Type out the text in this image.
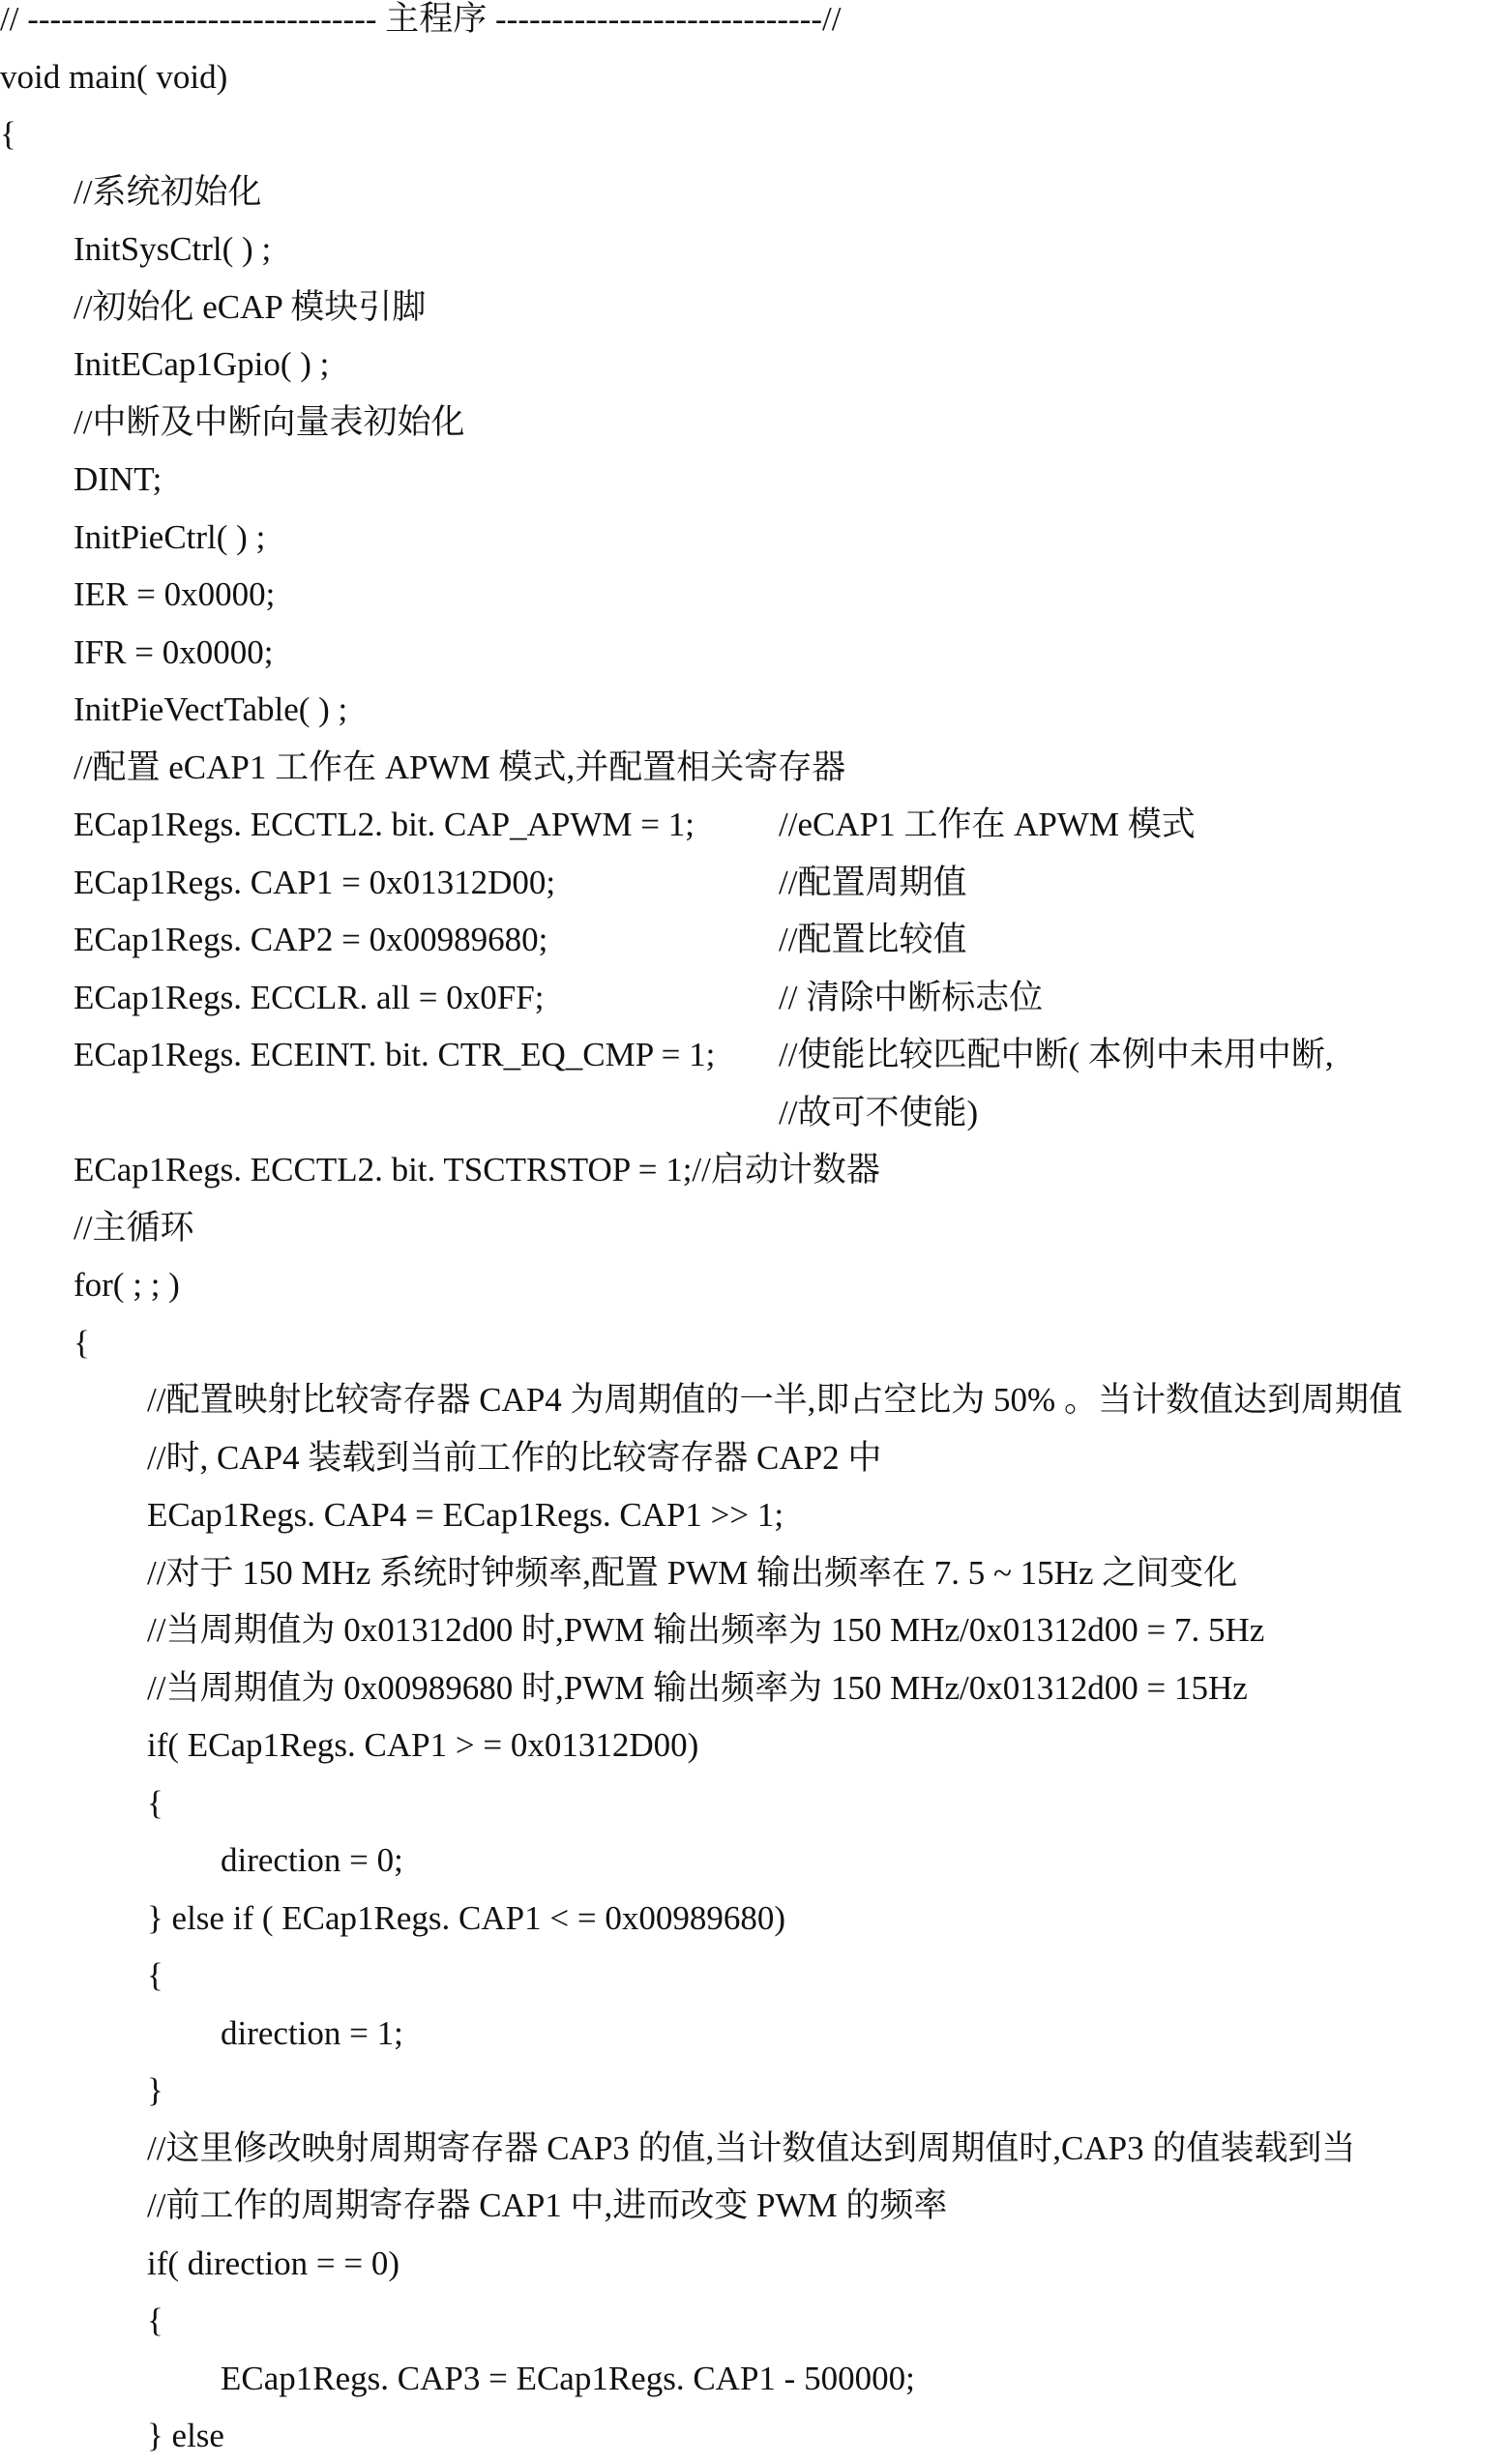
// ------------------------------- 主程序 -----------------------------//
void main( void)
{
//系统初始化
InitSysCtrl( ) ;
//初始化 eCAP 模块引脚
InitECap1Gpio( ) ;
//中断及中断向量表初始化
DINT;
InitPieCtrl( ) ;
IER = 0x0000;
IFR = 0x0000;
InitPieVectTable( ) ;
//配置 eCAP1 工作在 APWM 模式,并配置相关寄存器
ECap1Regs. ECCTL2. bit. CAP_APWM = 1; //eCAP1 工作在 APWM 模式
ECap1Regs. CAP1 = 0x01312D00;	//配置周期值
ECap1Regs. CAP2 = 0x00989680;	//配置比较值
ECap1Regs. ECCLR. all = 0x0FF;	// 清除中断标志位
ECap1Regs. ECEINT. bit. CTR_EQ_CMP = 1; //使能比较匹配中断( 本例中未用中断,
//故可不使能)
ECap1Regs. ECCTL2. bit. TSCTRSTOP = 1;//启动计数器
//主循环
for( ; ; )
{
//配置映射比较寄存器 CAP4 为周期值的一半,即占空比为 50% 。当计数值达到周期值
//时, CAP4 装载到当前工作的比较寄存器 CAP2 中
ECap1Regs. CAP4 = ECap1Regs. CAP1 >> 1;
//对于 150 MHz 系统时钟频率,配置 PWM 输出频率在 7. 5 ~ 15Hz 之间变化
//当周期值为 0x01312d00 时,PWM 输出频率为 150 MHz/0x01312d00 = 7. 5Hz
//当周期值为 0x00989680 时,PWM 输出频率为 150 MHz/0x01312d00 = 15Hz
if( ECap1Regs. CAP1 > = 0x01312D00)
{
direction = 0;
} else if ( ECap1Regs. CAP1 < = 0x00989680)
{
direction = 1;
}
//这里修改映射周期寄存器 CAP3 的值,当计数值达到周期值时,CAP3 的值装载到当
//前工作的周期寄存器 CAP1 中,进而改变 PWM 的频率
if( direction = = 0)
{
ECap1Regs. CAP3 = ECap1Regs. CAP1 - 500000;
} else
